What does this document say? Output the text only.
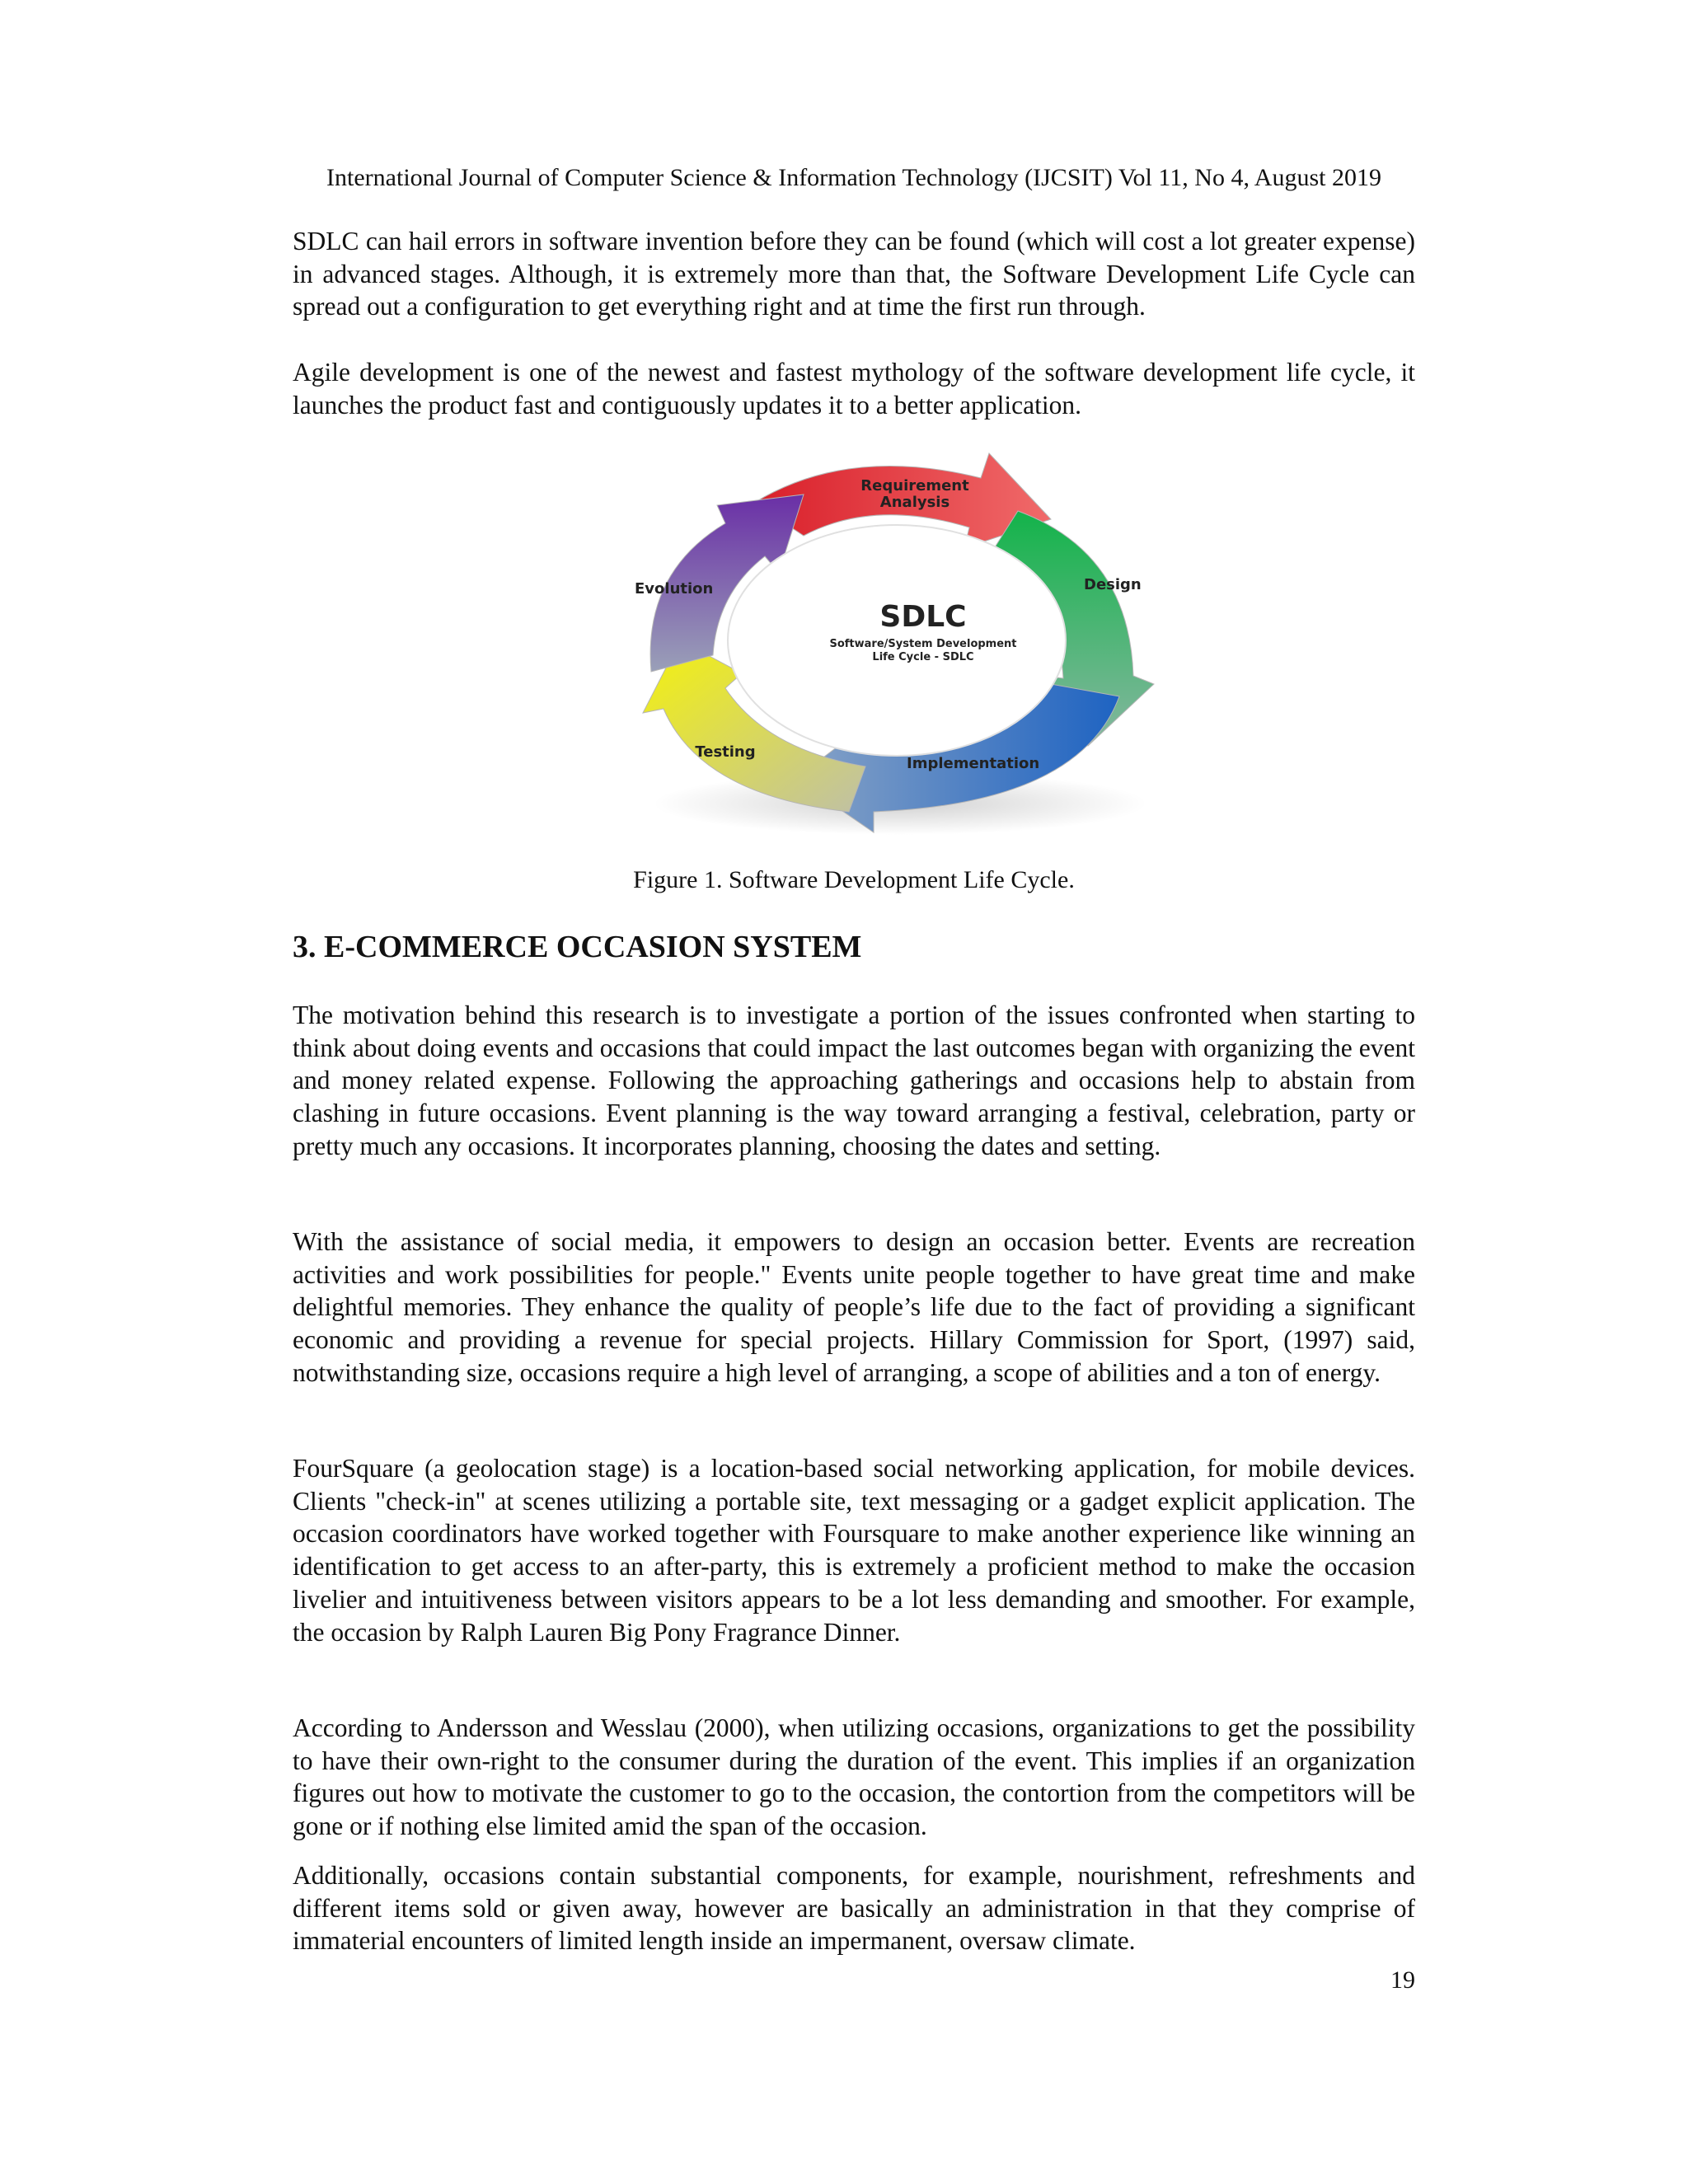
International Journal of Computer Science & Information Technology (IJCSIT) Vol 11, No 4, August 2019

SDLC can hail errors in software invention before they can be found (which will cost a lot greater expense) in advanced stages. Although, it is extremely more than that, the Software Development Life Cycle can spread out a configuration to get everything right and at time the first run through.

Agile development is one of the newest and fastest mythology of the software development life cycle, it launches the product fast and contiguously updates it to a better application.

Requirement
Analysis
Design
Implementation
Testing
Evolution
SDLC
Software/System Development
Life Cycle - SDLC
Figure 1. Software Development Life Cycle.
3. E-COMMERCE OCCASION SYSTEM

The motivation behind this research is to investigate a portion of the issues confronted when starting to think about doing events and occasions that could impact the last outcomes began with organizing the event and money related expense. Following the approaching gatherings and occasions help to abstain from clashing in future occasions. Event planning is the way toward arranging a festival, celebration, party or pretty much any occasions. It incorporates planning, choosing the dates and setting.

With the assistance of social media, it empowers to design an occasion better. Events are recreation activities and work possibilities for people." Events unite people together to have great time and make delightful memories. They enhance the quality of people’s life due to the fact of providing a significant economic and providing a revenue for special projects. Hillary Commission for Sport, (1997) said, notwithstanding size, occasions require a high level of arranging, a scope of abilities and a ton of energy.

FourSquare (a geolocation stage) is a location-based social networking application, for mobile devices. Clients "check-in" at scenes utilizing a portable site, text messaging or a gadget explicit application. The occasion coordinators have worked together with Foursquare to make another experience like winning an identification to get access to an after-party, this is extremely a proficient method to make the occasion livelier and intuitiveness between visitors appears to be a lot less demanding and smoother. For example, the occasion by Ralph Lauren Big Pony Fragrance Dinner.

According to Andersson and Wesslau (2000), when utilizing occasions, organizations to get the possibility to have their own-right to the consumer during the duration of the event. This implies if an organization figures out how to motivate the customer to go to the occasion, the contortion from the competitors will be gone or if nothing else limited amid the span of the occasion.

Additionally, occasions contain substantial components, for example, nourishment, refreshments and different items sold or given away, however are basically an administration in that they comprise of immaterial encounters of limited length inside an impermanent, oversaw climate.

19
